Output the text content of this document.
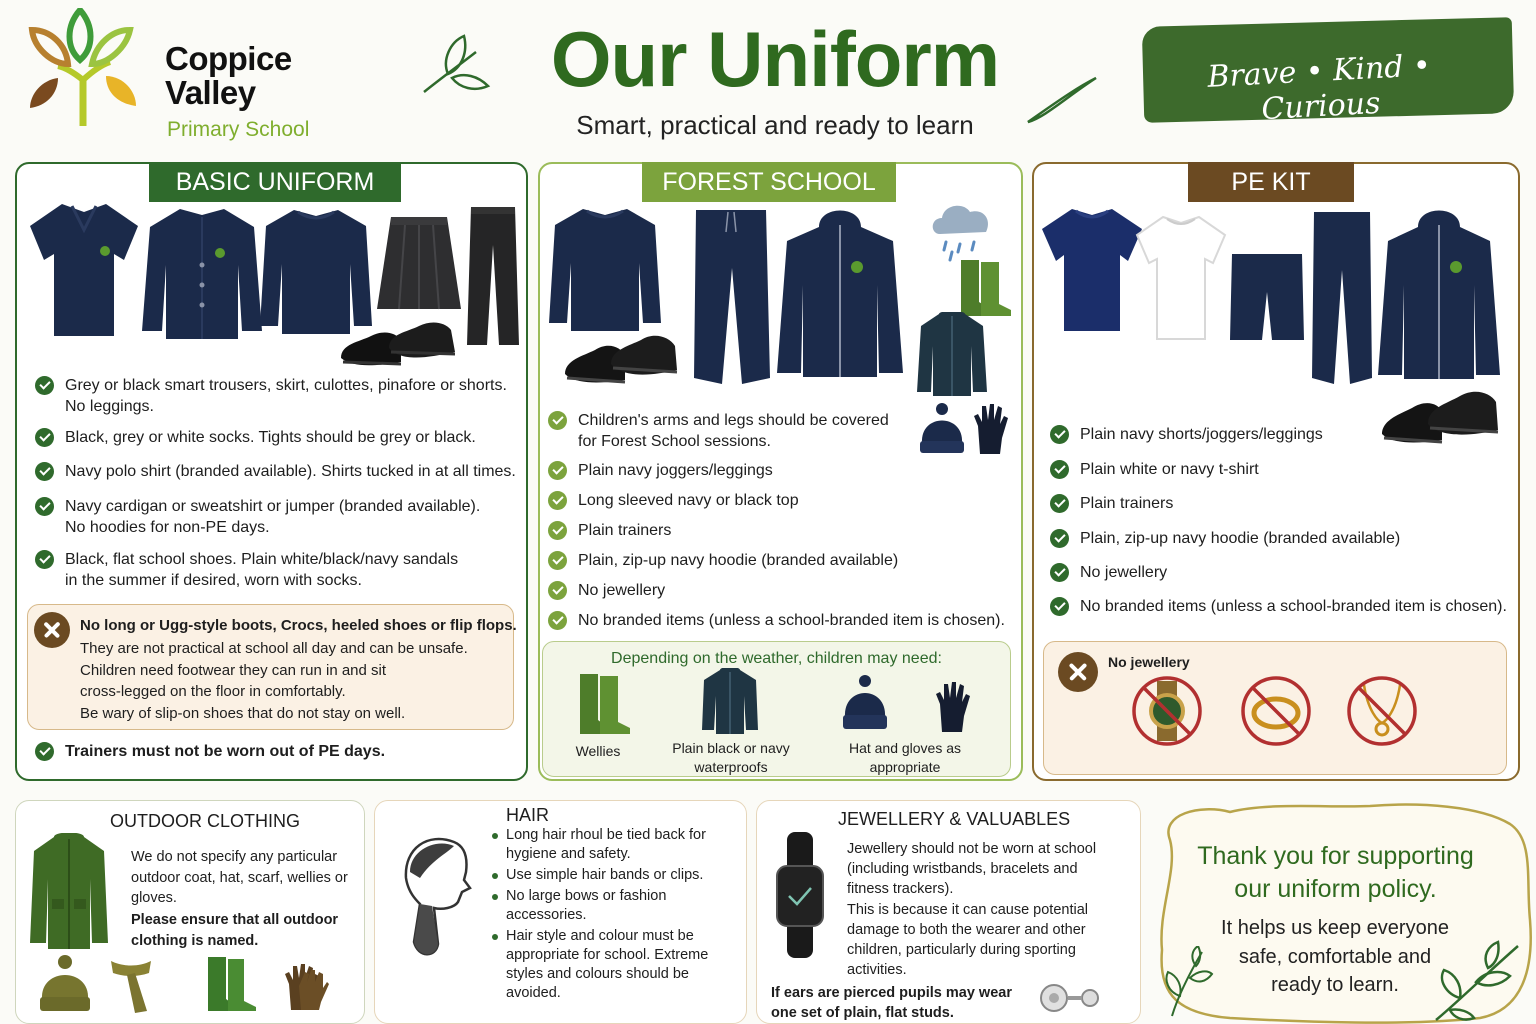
Coppice
Valley
Primary School
Our Uniform
Smart, practical and ready to learn
Brave • Kind • Curious
BASIC UNIFORM
Grey or black smart trousers, skirt, culottes, pinafore or shorts. No leggings.
Black, grey or white socks. Tights should be grey or black.
Navy polo shirt (branded available). Shirts tucked in at all times.
Navy cardigan or sweatshirt or jumper (branded available). No hoodies for non-PE days.
Black, flat school shoes. Plain white/black/navy sandals in the summer if desired, worn with socks.
No long or Ugg-style boots, Crocs, heeled shoes or flip flops.
They are not practical at school all day and can be unsafe.
Children need footwear they can run in and sit
cross-legged on the floor in comfortably.
Be wary of slip-on shoes that do not stay on well.
Trainers must not be worn out of PE days.
FOREST SCHOOL
Children's arms and legs should be covered for Forest School sessions.
Plain navy joggers/leggings
Long sleeved navy or black top
Plain trainers
Plain, zip-up navy hoodie (branded available)
No jewellery
No branded items (unless a school-branded item is chosen).
Depending on the weather, children may need:
Wellies	Plain black or navy waterproofs
Hat and gloves as appropriate
PE KIT
Plain navy shorts/joggers/leggings
Plain white or navy t-shirt
Plain trainers
Plain, zip-up navy hoodie (branded available)
No jewellery
No branded items (unless a school-branded item is chosen).
No jewellery
OUTDOOR CLOTHING
We do not specify any particular outdoor coat, hat, scarf, wellies or gloves.
Please ensure that all outdoor clothing is named.
HAIR
Long hair rhoul be tied back for hygiene and safety.
Use simple hair bands or clips.
No large bows or fashion accessories.
Hair style and colour must be appropriate for school. Extreme styles and colours should be avoided.
JEWELLERY & VALUABLES
Jewellery should not be worn at school (including wristbands, bracelets and fitness trackers).
This is because it can cause potential damage to both the wearer and other children, particularly during sporting activities.
If ears are pierced pupils may wear one set of plain, flat studs.
Thank you for supporting our uniform policy.
It helps us keep everyone safe, comfortable and ready to learn.
